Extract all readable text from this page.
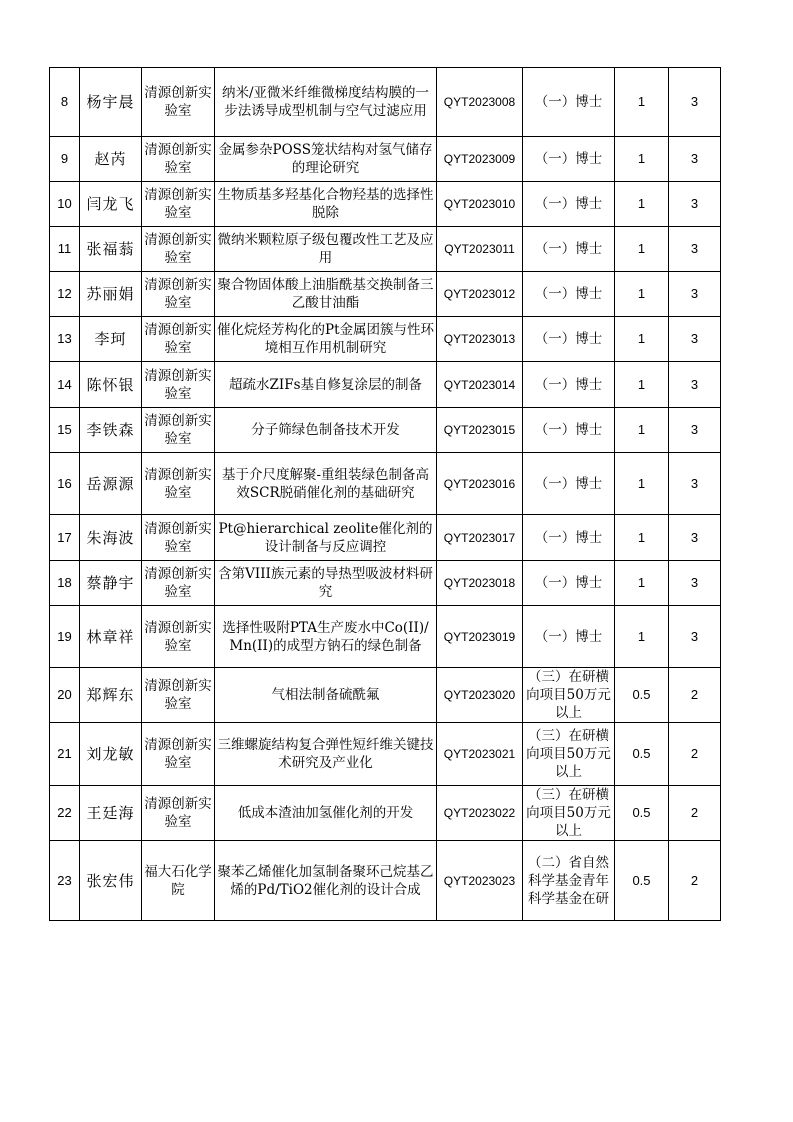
8	杨宇晨	清源创新实验室	纳米/亚微米纤维微梯度结构膜的一步法诱导成型机制与空气过滤应用	QYT2023008	（一）博士	1	3
9	赵芮	清源创新实验室	金属参杂POSS笼状结构对氢气储存的理论研究	QYT2023009	（一）博士	1	3
10	闫龙飞	清源创新实验室	生物质基多羟基化合物羟基的选择性脱除	QYT2023010	（一）博士	1	3
11	张福蓊	清源创新实验室	微纳米颗粒原子级包覆改性工艺及应用	QYT2023011	（一）博士	1	3
12	苏丽娟	清源创新实验室	聚合物固体酸上油脂酰基交换制备三乙酸甘油酯	QYT2023012	（一）博士	1	3
13	李珂	清源创新实验室	催化烷烃芳构化的Pt金属团簇与性环境相互作用机制研究	QYT2023013	（一）博士	1	3
14	陈怀银	清源创新实验室	超疏水ZIFs基自修复涂层的制备	QYT2023014	（一）博士	1	3
15	李铁森	清源创新实验室	分子筛绿色制备技术开发	QYT2023015	（一）博士	1	3
16	岳源源	清源创新实验室	基于介尺度解聚-重组装绿色制备高效SCR脱硝催化剂的基础研究	QYT2023016	（一）博士	1	3
17	朱海波	清源创新实验室	Pt@hierarchical zeolite催化剂的设计制备与反应调控	QYT2023017	（一）博士	1	3
18	蔡静宇	清源创新实验室	含第VIII族元素的导热型吸波材料研究	QYT2023018	（一）博士	1	3
19	林章祥	清源创新实验室	选择性吸附PTA生产废水中Co(II)/Mn(II)的成型方钠石的绿色制备	QYT2023019	（一）博士	1	3
20	郑辉东	清源创新实验室	气相法制备硫酰氟	QYT2023020	（三）在研横向项目50万元以上	0.5	2
21	刘龙敏	清源创新实验室	三维螺旋结构复合弹性短纤维关键技术研究及产业化	QYT2023021	（三）在研横向项目50万元以上	0.5	2
22	王廷海	清源创新实验室	低成本渣油加氢催化剂的开发	QYT2023022	（三）在研横向项目50万元以上	0.5	2
23	张宏伟	福大石化学院	聚苯乙烯催化加氢制备聚环己烷基乙烯的Pd/TiO2催化剂的设计合成	QYT2023023	（二）省自然科学基金青年科学基金在研	0.5	2
